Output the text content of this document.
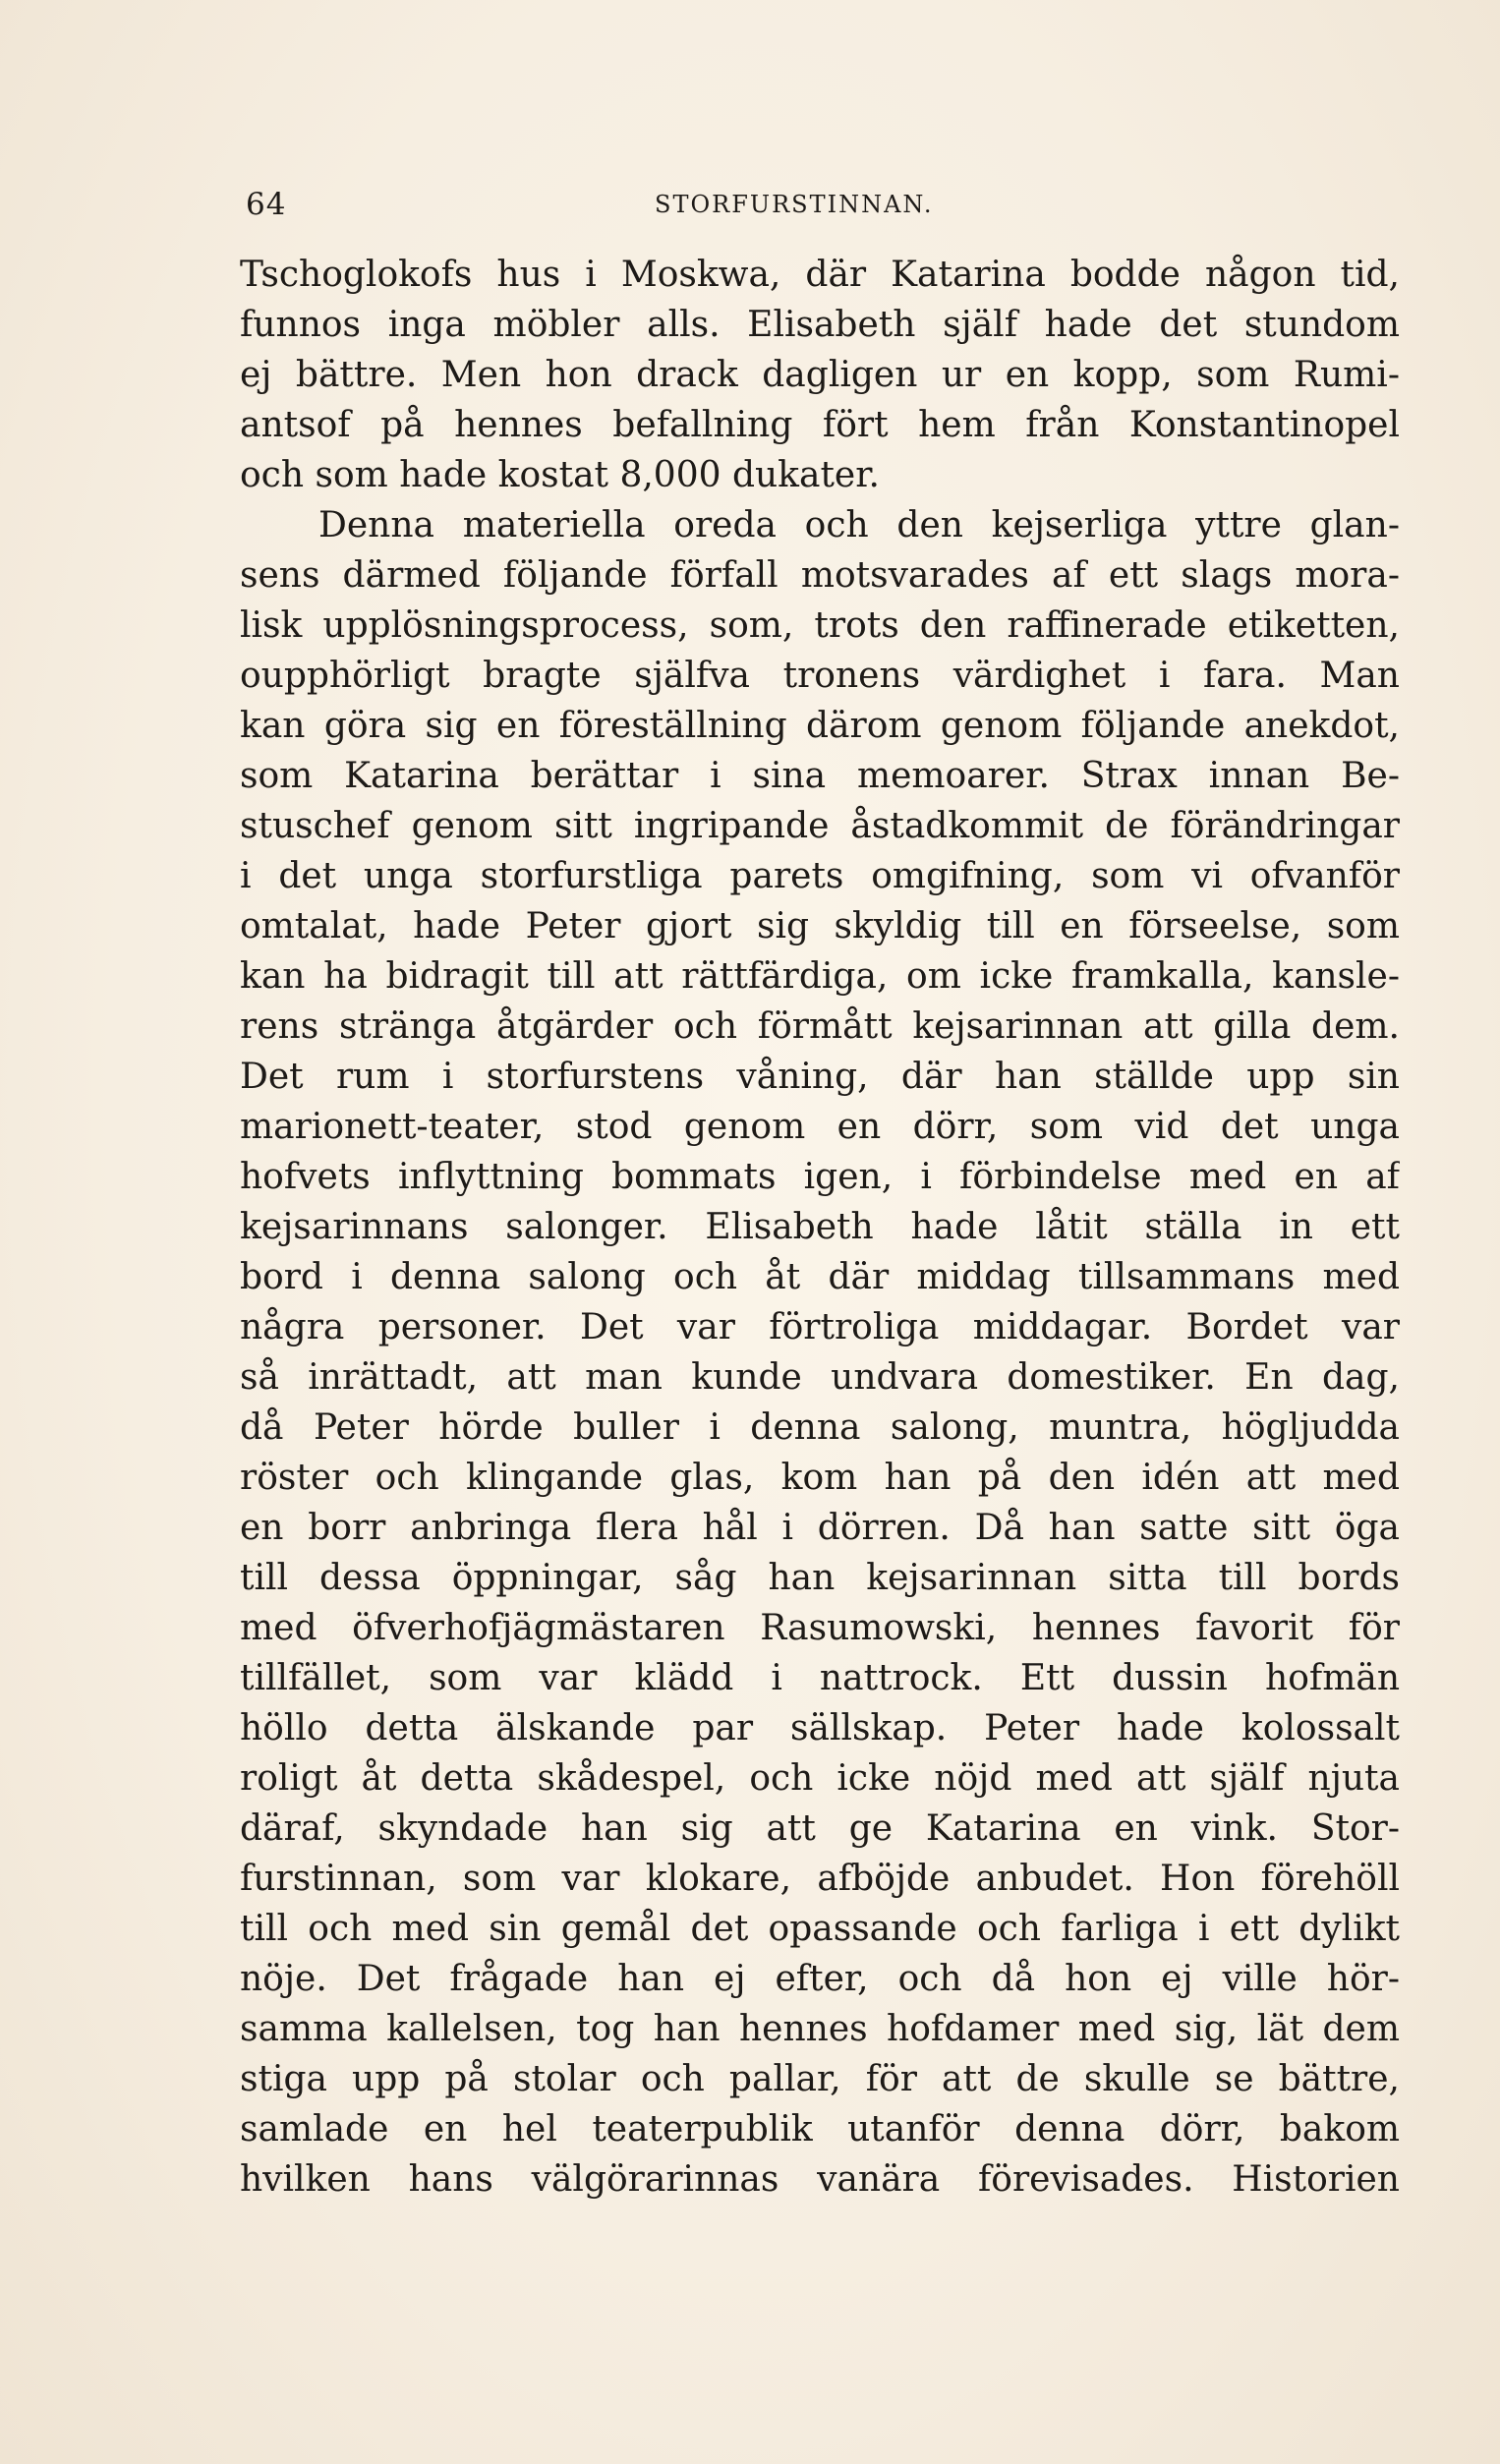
64	STORFURSTINNAN.
Tschoglokofs hus i Moskwa, där Katarina bodde någon tid,
funnos inga möbler alls. Elisabeth själf hade det stundom
ej bättre. Men hon drack dagligen ur en kopp, som Rumi-
antsof på hennes befallning fört hem från Konstantinopel
och som hade kostat 8,000 dukater.
Denna materiella oreda och den kejserliga yttre glan-
sens därmed följande förfall motsvarades af ett slags mora-
lisk upplösningsprocess, som, trots den raffinerade etiketten,
oupphörligt bragte själfva tronens värdighet i fara. Man
kan göra sig en föreställning därom genom följande anekdot,
som Katarina berättar i sina memoarer. Strax innan Be-
stuschef genom sitt ingripande åstadkommit de förändringar
i det unga storfurstliga parets omgifning, som vi ofvanför
omtalat, hade Peter gjort sig skyldig till en förseelse, som
kan ha bidragit till att rättfärdiga, om icke framkalla, kansle-
rens stränga åtgärder och förmått kejsarinnan att gilla dem.
Det rum i storfurstens våning, där han ställde upp sin
marionett-teater, stod genom en dörr, som vid det unga
hofvets inflyttning bommats igen, i förbindelse med en af
kejsarinnans salonger. Elisabeth hade låtit ställa in ett
bord i denna salong och åt där middag tillsammans med
några personer. Det var förtroliga middagar. Bordet var
så inrättadt, att man kunde undvara domestiker. En dag,
då Peter hörde buller i denna salong, muntra, högljudda
röster och klingande glas, kom han på den idén att med
en borr anbringa flera hål i dörren. Då han satte sitt öga
till dessa öppningar, såg han kejsarinnan sitta till bords
med öfverhofjägmästaren Rasumowski, hennes favorit för
tillfället, som var klädd i nattrock. Ett dussin hofmän
höllo detta älskande par sällskap. Peter hade kolossalt
roligt åt detta skådespel, och icke nöjd med att själf njuta
däraf, skyndade han sig att ge Katarina en vink. Stor-
furstinnan, som var klokare, afböjde anbudet. Hon förehöll
till och med sin gemål det opassande och farliga i ett dylikt
nöje. Det frågade han ej efter, och då hon ej ville hör-
samma kallelsen, tog han hennes hofdamer med sig, lät dem
stiga upp på stolar och pallar, för att de skulle se bättre,
samlade en hel teaterpublik utanför denna dörr, bakom
hvilken hans välgörarinnas vanära förevisades. Historien
